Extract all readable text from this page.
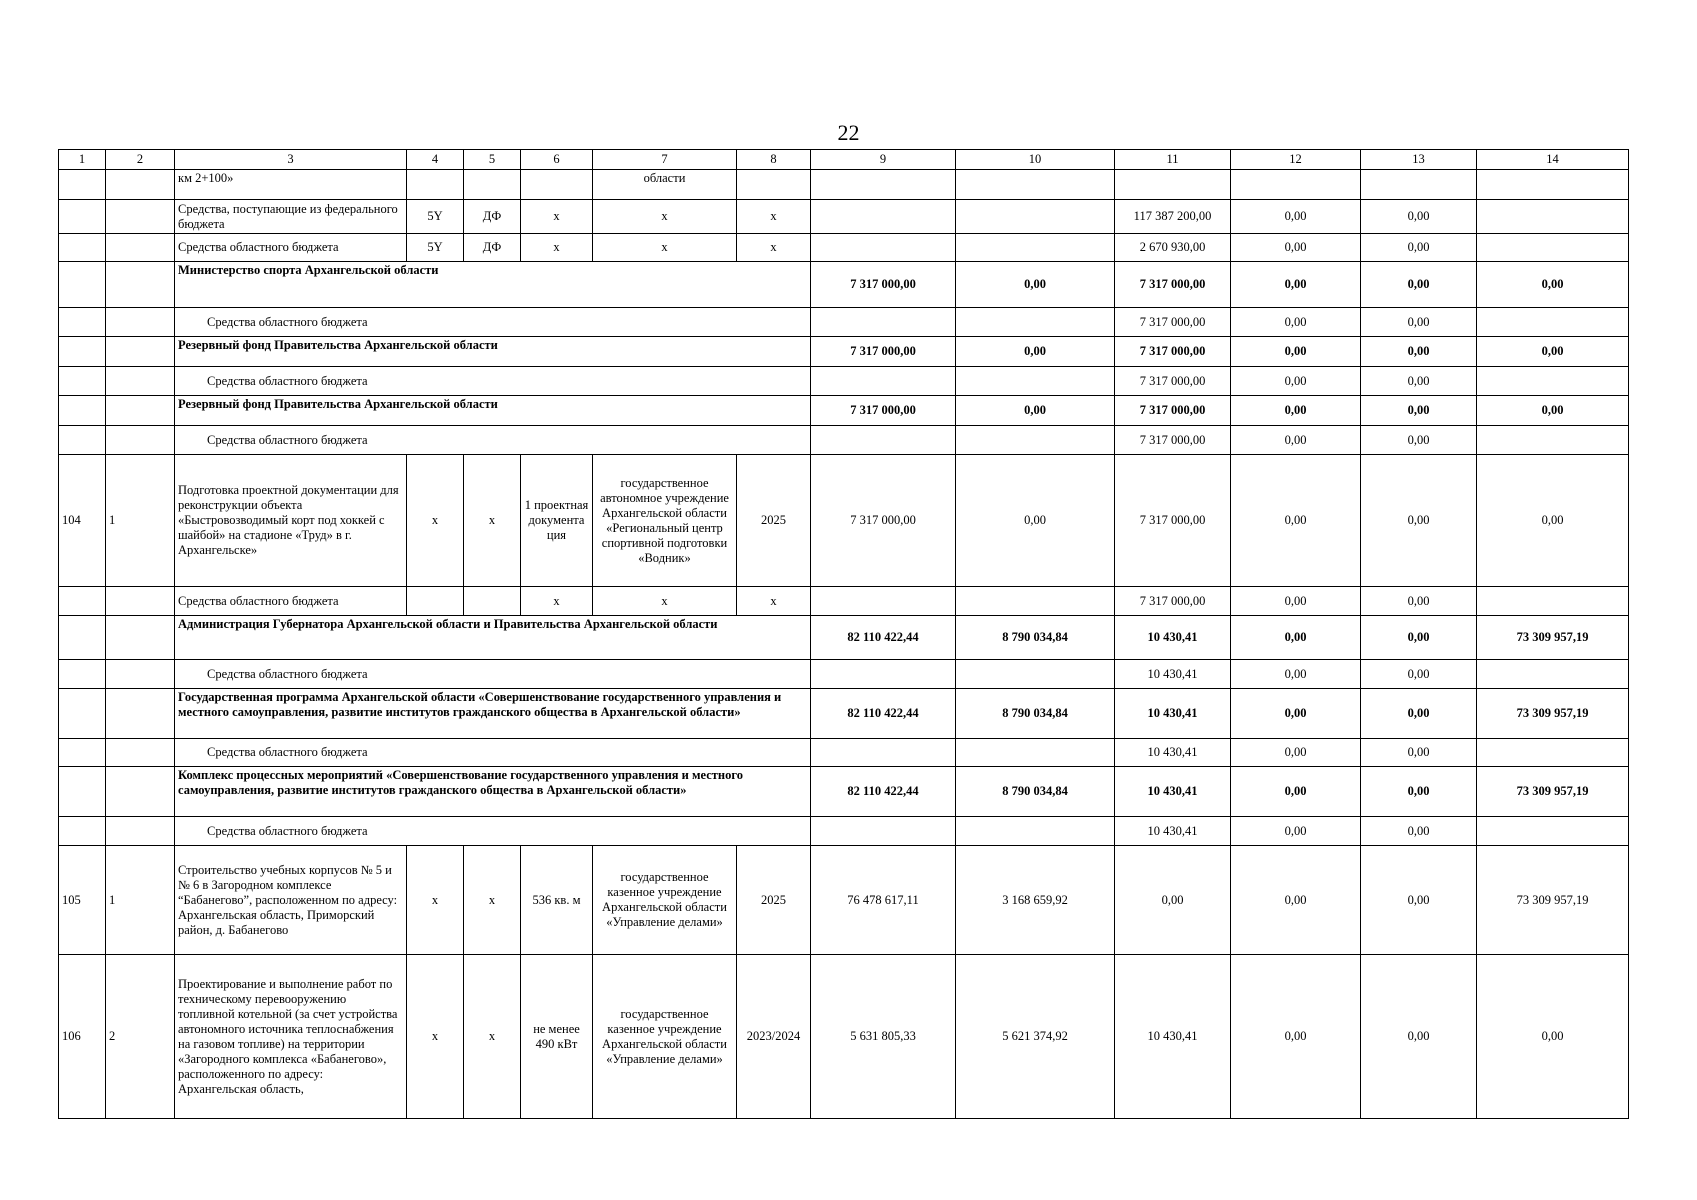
22
1	2	3	4	5	6	7	8	9	10	11	12	13	14
		км 2+100»				области							
		Средства, поступающие из федерального бюджета	5Y	ДФ	х	х	х			117 387 200,00	0,00	0,00	
		Средства областного бюджета	5Y	ДФ	х	х	х			2 670 930,00	0,00	0,00	
		Министерство спорта Архангельской области						7 317 000,00	0,00	7 317 000,00	0,00	0,00	0,00
		Средства областного бюджета								7 317 000,00	0,00	0,00	
		Резервный фонд Правительства Архангельской области						7 317 000,00	0,00	7 317 000,00	0,00	0,00	0,00
		Средства областного бюджета								7 317 000,00	0,00	0,00	
		Резервный фонд Правительства Архангельской области						7 317 000,00	0,00	7 317 000,00	0,00	0,00	0,00
		Средства областного бюджета								7 317 000,00	0,00	0,00	
104	1	Подготовка проектной документации для реконструкции объекта «Быстровозводимый корт под хоккей с шайбой» на стадионе «Труд» в г. Архангельске»	х	х	1 проектная документа ция	государственное автономное учреждение Архангельской области «Региональный центр спортивной подготовки «Водник»	2025	7 317 000,00	0,00	7 317 000,00	0,00	0,00	0,00
		Средства областного бюджета			х	х	х			7 317 000,00	0,00	0,00	
		Администрация Губернатора Архангельской области и Правительства Архангельской области						82 110 422,44	8 790 034,84	10 430,41	0,00	0,00	73 309 957,19
		Средства областного бюджета								10 430,41	0,00	0,00	
		Государственная программа Архангельской области «Совершенствование государственного управления и местного самоуправления, развитие институтов гражданского общества в Архангельской области»						82 110 422,44	8 790 034,84	10 430,41	0,00	0,00	73 309 957,19
		Средства областного бюджета								10 430,41	0,00	0,00	
		Комплекс процессных мероприятий «Совершенствование государственного управления и местного самоуправления, развитие институтов гражданского общества в Архангельской области»						82 110 422,44	8 790 034,84	10 430,41	0,00	0,00	73 309 957,19
		Средства областного бюджета								10 430,41	0,00	0,00	
105	1	Строительство учебных корпусов № 5 и № 6 в Загородном комплексе “Бабанегово”, расположенном по адресу: Архангельская область, Приморский район, д. Бабанегово	х	х	536 кв. м	государственное казенное учреждение Архангельской области «Управление делами»	2025	76 478 617,11	3 168 659,92	0,00	0,00	0,00	73 309 957,19
106	2	Проектирование и выполнение работ по техническому перевооружению топливной котельной (за счет устройства автономного источника теплоснабжения на газовом топливе) на территории «Загородного комплекса «Бабанегово», расположенного по адресу: Архангельская область,	х	х	не менее 490 кВт	государственное казенное учреждение Архангельской области «Управление делами»	2023/2024	5 631 805,33	5 621 374,92	10 430,41	0,00	0,00	0,00
